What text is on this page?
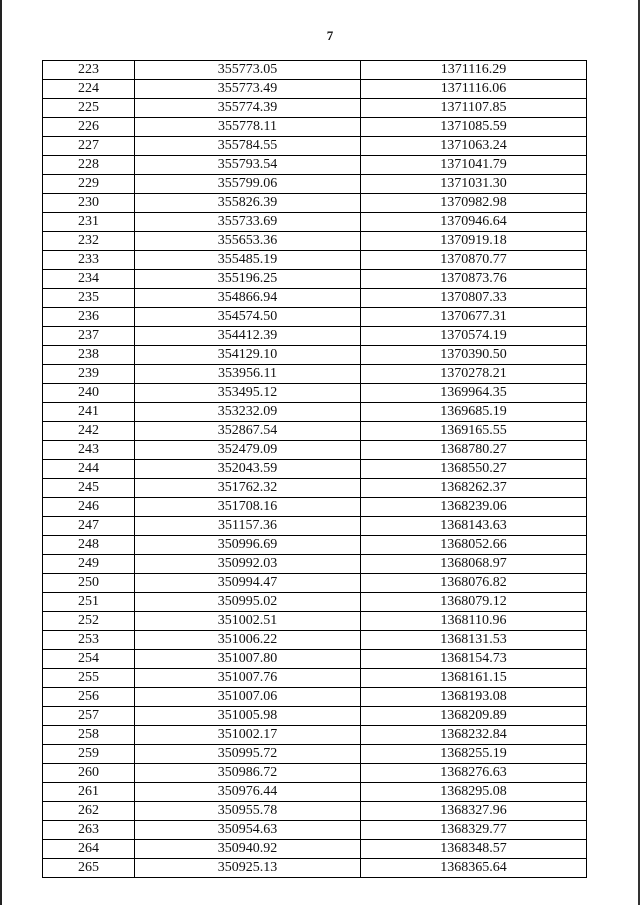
7
223	355773.05	1371116.29
224	355773.49	1371116.06
225	355774.39	1371107.85
226	355778.11	1371085.59
227	355784.55	1371063.24
228	355793.54	1371041.79
229	355799.06	1371031.30
230	355826.39	1370982.98
231	355733.69	1370946.64
232	355653.36	1370919.18
233	355485.19	1370870.77
234	355196.25	1370873.76
235	354866.94	1370807.33
236	354574.50	1370677.31
237	354412.39	1370574.19
238	354129.10	1370390.50
239	353956.11	1370278.21
240	353495.12	1369964.35
241	353232.09	1369685.19
242	352867.54	1369165.55
243	352479.09	1368780.27
244	352043.59	1368550.27
245	351762.32	1368262.37
246	351708.16	1368239.06
247	351157.36	1368143.63
248	350996.69	1368052.66
249	350992.03	1368068.97
250	350994.47	1368076.82
251	350995.02	1368079.12
252	351002.51	1368110.96
253	351006.22	1368131.53
254	351007.80	1368154.73
255	351007.76	1368161.15
256	351007.06	1368193.08
257	351005.98	1368209.89
258	351002.17	1368232.84
259	350995.72	1368255.19
260	350986.72	1368276.63
261	350976.44	1368295.08
262	350955.78	1368327.96
263	350954.63	1368329.77
264	350940.92	1368348.57
265	350925.13	1368365.64
